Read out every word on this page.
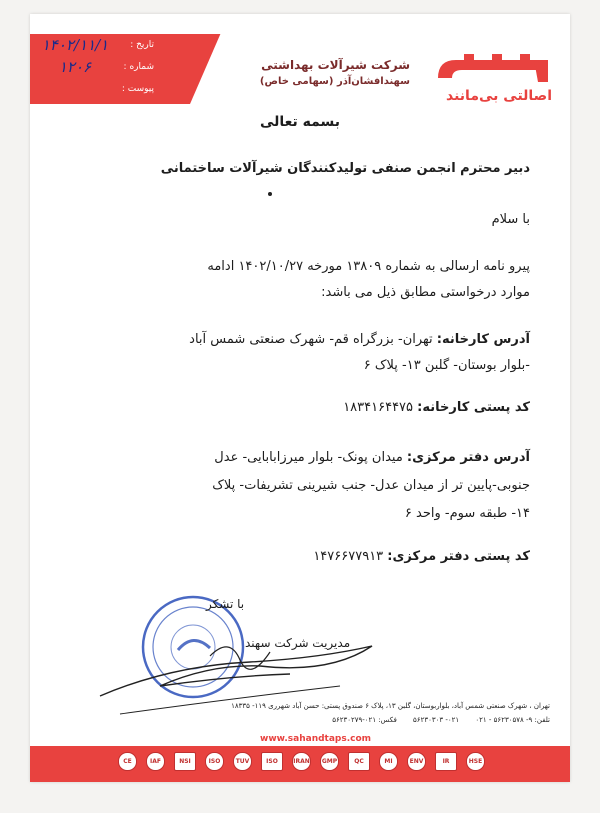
تاریخ :
۱۴۰۲/۱۱/۱
شماره :
۱۲۰۶
پیوست :
شرکت شیرآلات بهداشتی
سهندافشان‌آذر (سهامی خاص)
اصالتی بی‌مانند
بسمه تعالی
دبیر محترم انجمن صنفی تولیدکنندگان شیرآلات ساختمانی
با سلام
پیرو نامه ارسالی به شماره ۱۳۸۰۹ مورخه ۱۴۰۲/۱۰/۲۷ ادامه
موارد درخواستی مطابق ذیل می باشد:
آدرس کارخانه: تهران- بزرگراه قم- شهرک صنعتی شمس آباد
-بلوار بوستان- گلبن ۱۳- پلاک ۶
کد پستی کارخانه: ۱۸۳۴۱۶۴۴۷۵
آدرس دفتر مرکزی: میدان پونک- بلوار میرزابابایی- عدل
جنوبی-پایین تر از میدان عدل- جنب شیرینی تشریفات- پلاک
۱۴- طبقه سوم- واحد ۶
کد پستی دفتر مرکزی: ۱۴۷۶۶۷۷۹۱۳
با تشکر
مدیریت شرکت سهند
تهران ، شهرک صنعتی شمس آباد، بلواربوستان، گلبن ۱۳، پلاک ۶ صندوق پستی: حسن آباد شهرری ۱۱۹- ۱۸۳۳۵
تلفن: ۹- ۵۶۲۳۰۵۷۸ - ۰۲۱ ۰۲۱- ۵۶۲۳۰۳۰۳ فکس: ۰۲۱-۵۶۲۳۰۲۷۹
www.sahandtaps.com
CE	IAF	NSI	ISO	TUV	ISO	IRAN	GMP	QC	MI	ENV	IR	HSE
